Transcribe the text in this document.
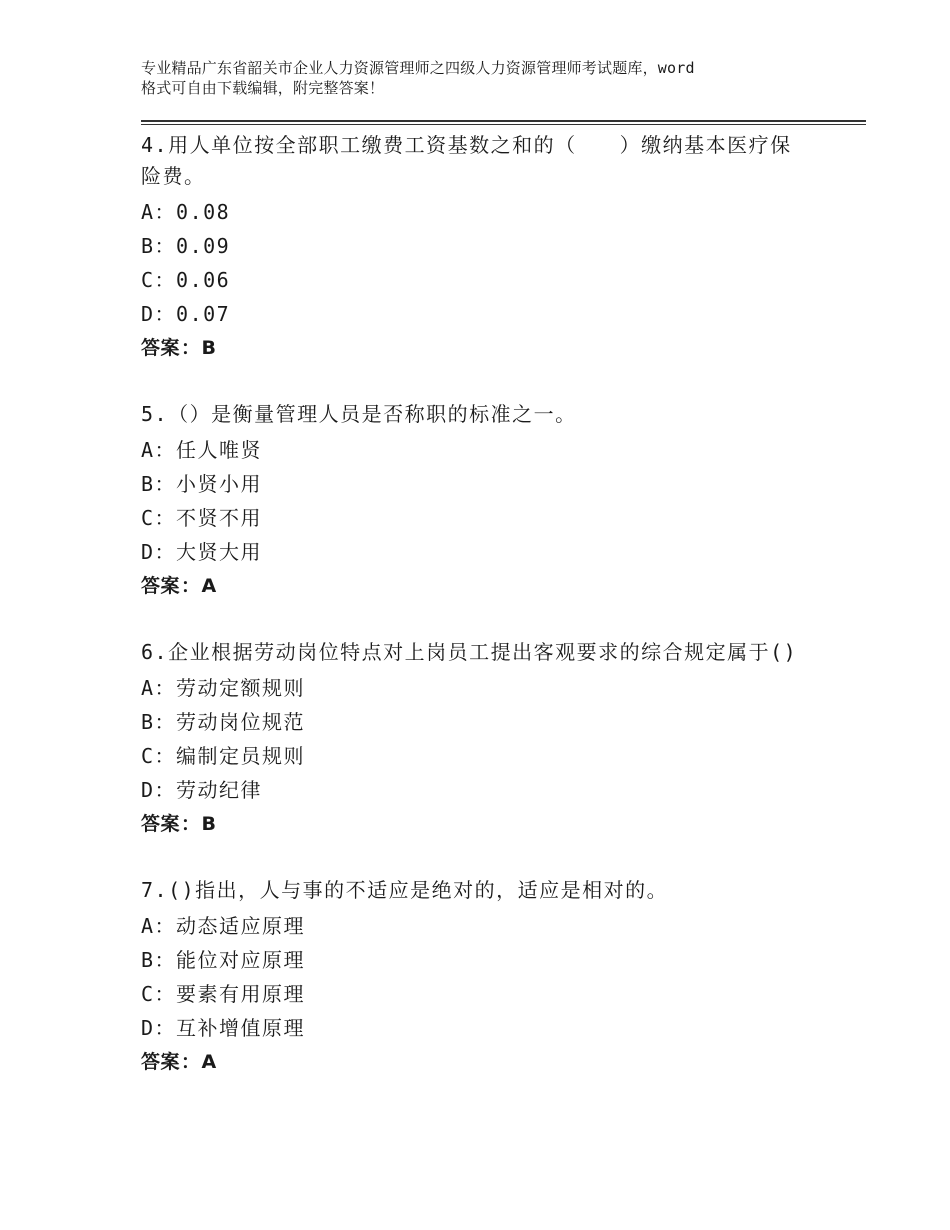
专业精品广东省韶关市企业人力资源管理师之四级人力资源管理师考试题库，word
格式可自由下载编辑，附完整答案！
4.用人单位按全部职工缴费工资基数之和的（　　）缴纳基本医疗保
险费。
A：0.08
B：0.09
C：0.06
D：0.07
答案：B
5.（）是衡量管理人员是否称职的标准之一。
A：任人唯贤
B：小贤小用
C：不贤不用
D：大贤大用
答案：A
6.企业根据劳动岗位特点对上岗员工提出客观要求的综合规定属于()
A：劳动定额规则
B：劳动岗位规范
C：编制定员规则
D：劳动纪律
答案：B
7.()指出，人与事的不适应是绝对的，适应是相对的。
A：动态适应原理
B：能位对应原理
C：要素有用原理
D：互补增值原理
答案：A
